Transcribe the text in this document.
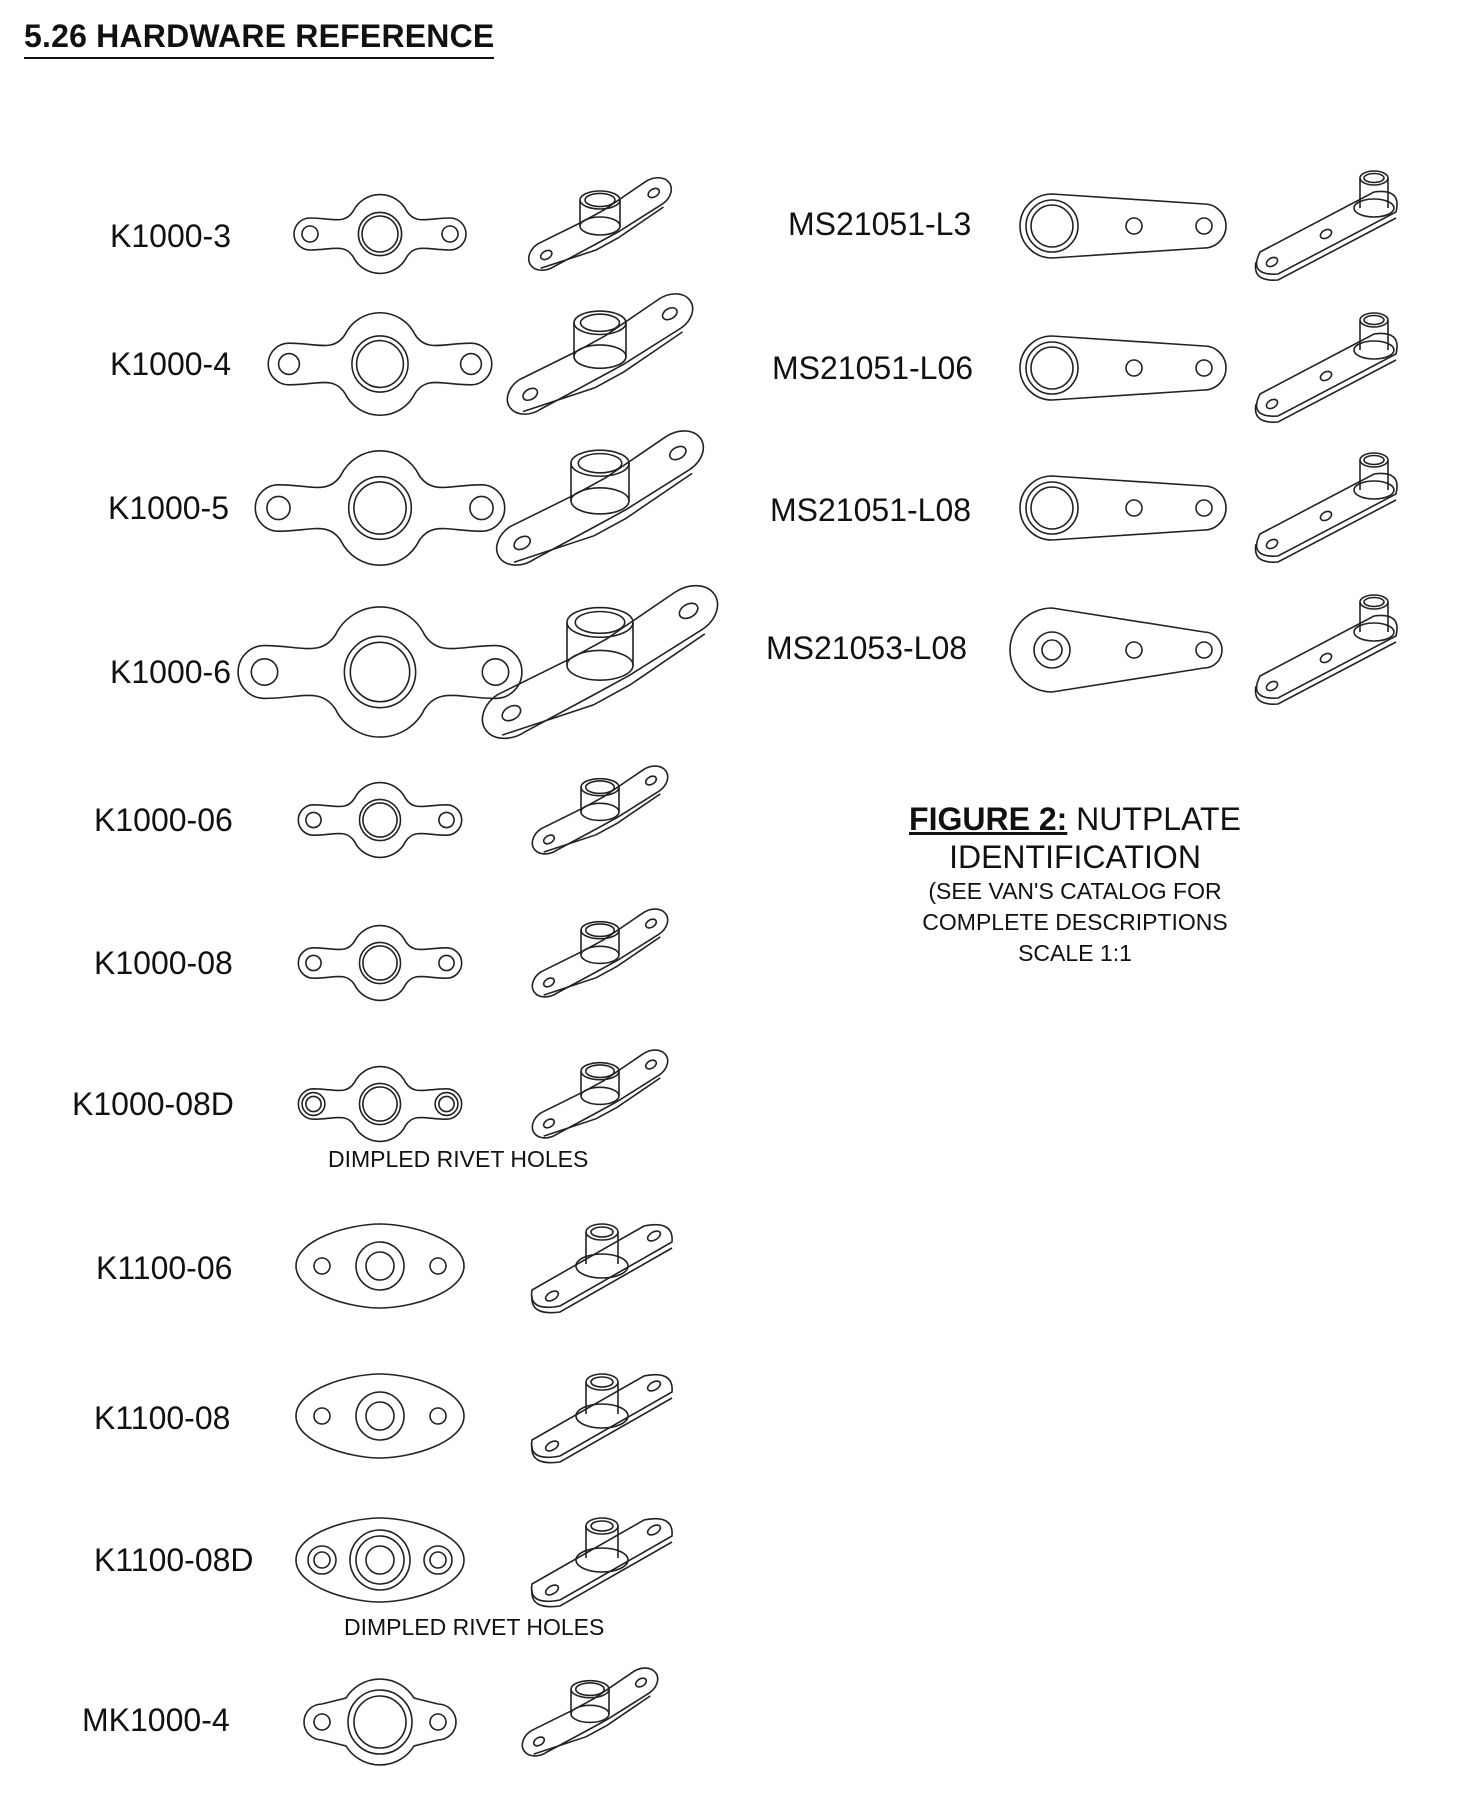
5.26 HARDWARE REFERENCE
K1000-3
K1000-4
K1000-5
K1000-6
K1000-06
K1000-08
K1000-08D
K1100-06
K1100-08
K1100-08D
MK1000-4
MS21051-L3
MS21051-L06
MS21051-L08
MS21053-L08
DIMPLED RIVET HOLES
DIMPLED RIVET HOLES
FIGURE 2: NUTPLATE
IDENTIFICATION
(SEE VAN'S CATALOG FOR
COMPLETE DESCRIPTIONS
SCALE 1:1
